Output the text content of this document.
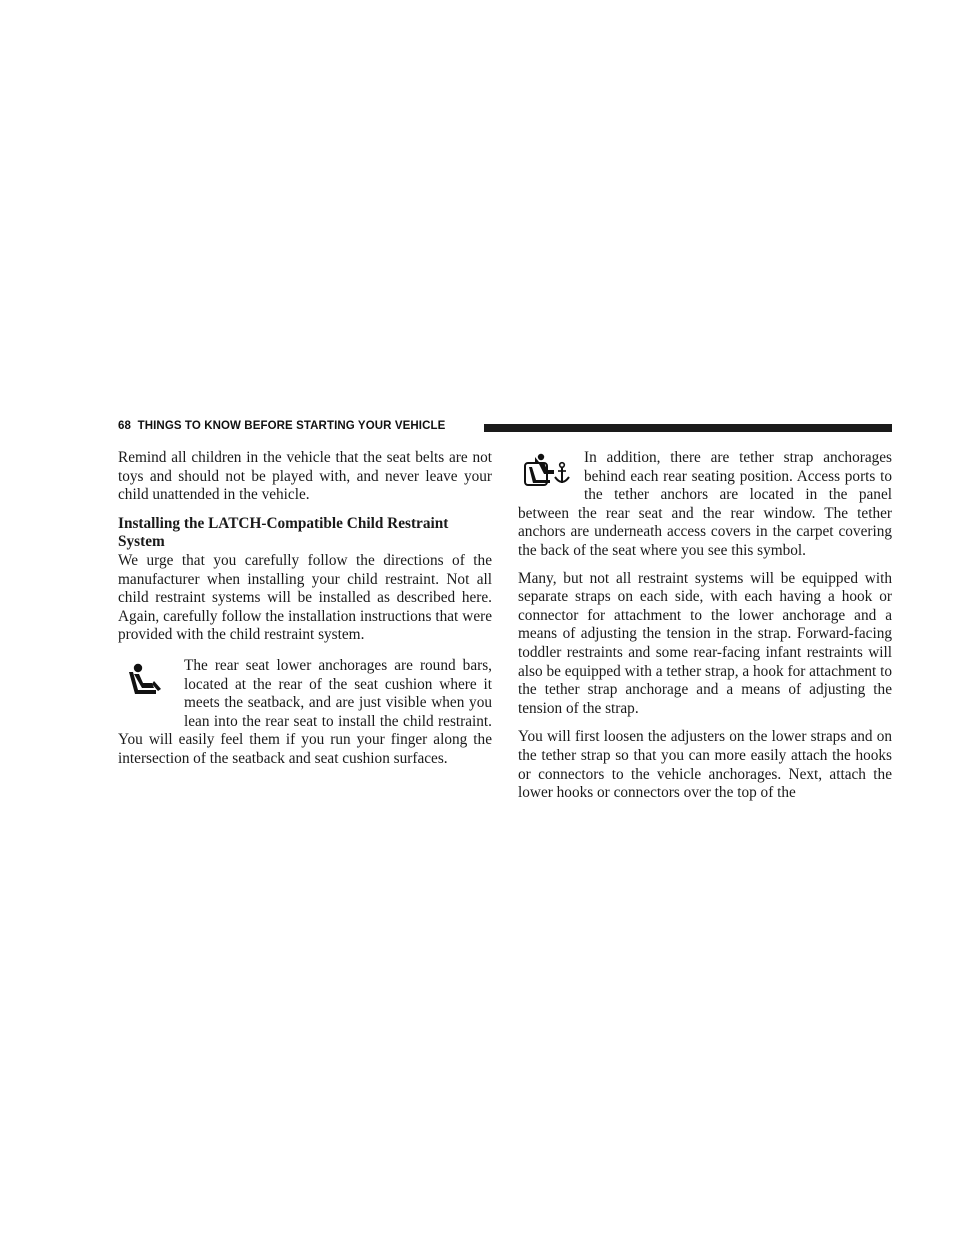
68 THINGS TO KNOW BEFORE STARTING YOUR VEHICLE

Remind all children in the vehicle that the seat belts are not toys and should not be played with, and never leave your child unattended in the vehicle.

Installing the LATCH-Compatible Child Restraint System

We urge that you carefully follow the directions of the manufacturer when installing your child restraint. Not all child restraint systems will be installed as described here. Again, carefully follow the installation instructions that were provided with the child restraint system.

The rear seat lower anchorages are round bars, located at the rear of the seat cushion where it meets the seatback, and are just visible when you lean into the rear seat to install the child restraint. You will easily feel them if you run your finger along the intersection of the seatback and seat cushion surfaces.

In addition, there are tether strap anchorages behind each rear seating position. Access ports to the tether anchors are located in the panel between the rear seat and the rear window. The tether anchors are underneath access covers in the carpet covering the back of the seat where you see this symbol.

Many, but not all restraint systems will be equipped with separate straps on each side, with each having a hook or connector for attachment to the lower anchorage and a means of adjusting the tension in the strap. Forward-facing toddler restraints and some rear-facing infant restraints will also be equipped with a tether strap, a hook for attachment to the tether strap anchorage and a means of adjusting the tension of the strap.

You will first loosen the adjusters on the lower straps and on the tether strap so that you can more easily attach the hooks or connectors to the vehicle anchorages. Next, attach the lower hooks or connectors over the top of the
